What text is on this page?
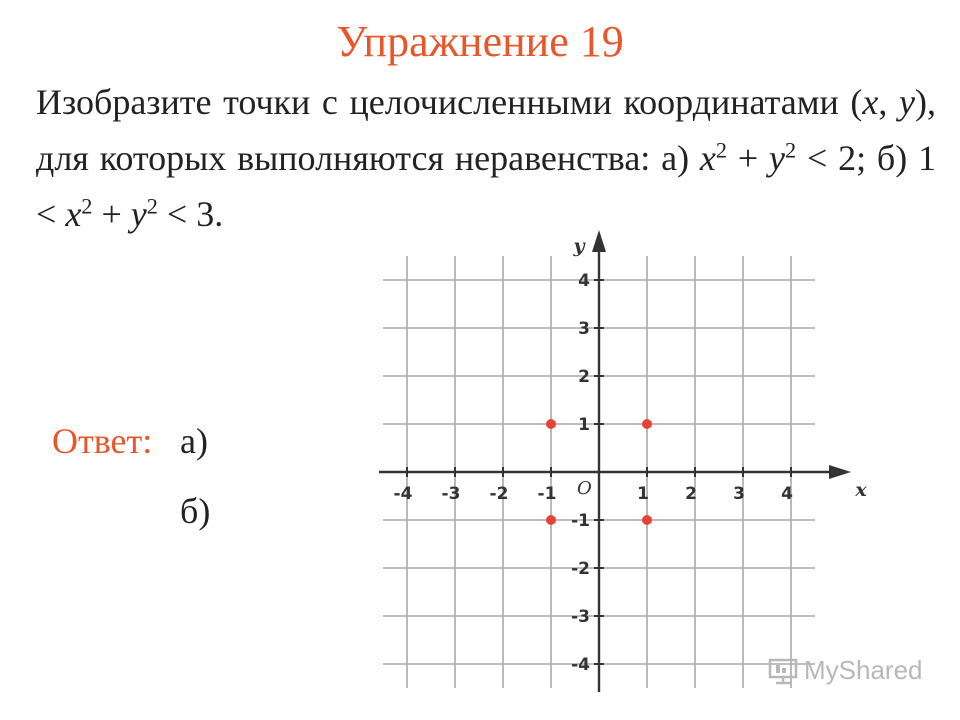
Упражнение 19
Изобразите точки с целочисленными координатами (x, y), для которых выполняются неравенства: а) $x^2 + y^2 < 2$; б) $1 < x^2 + y^2 < 3$.
Ответ: а)
б)	-4 -3 -2 -1	1 2 3 4
4
3
2
1
-1
-2
-3
-4
O	x
y
MyShared
